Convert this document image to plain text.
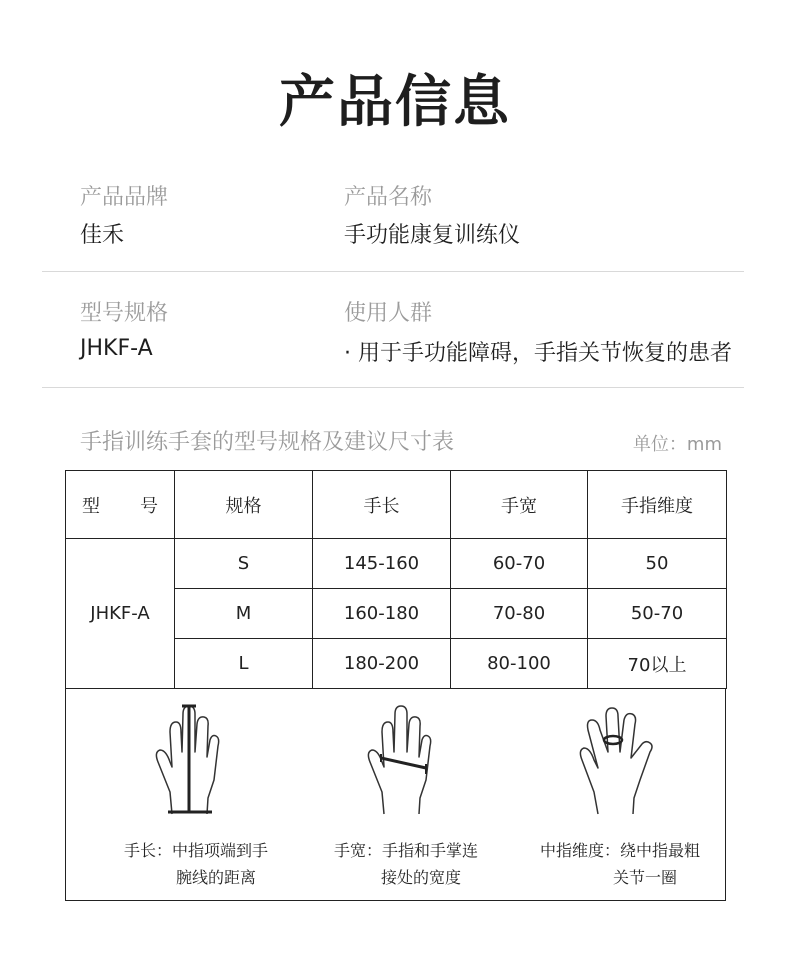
产品信息
产品品牌
佳禾
产品名称
手功能康复训练仪
型号规格
JHKF-A
使用人群
· 用于手功能障碍，手指关节恢复的患者
手指训练手套的型号规格及建议尺寸表	单位：mm
型 号	规格	手长	手宽	手指维度
JHKF-A	S	145-160	60-70	50
	M	160-180	70-80	50-70
	L	180-200	80-100	70以上
手长：中指项端到手
腕线的距离
手宽：手指和手掌连
接处的宽度
中指维度：绕中指最粗
关节一圈
